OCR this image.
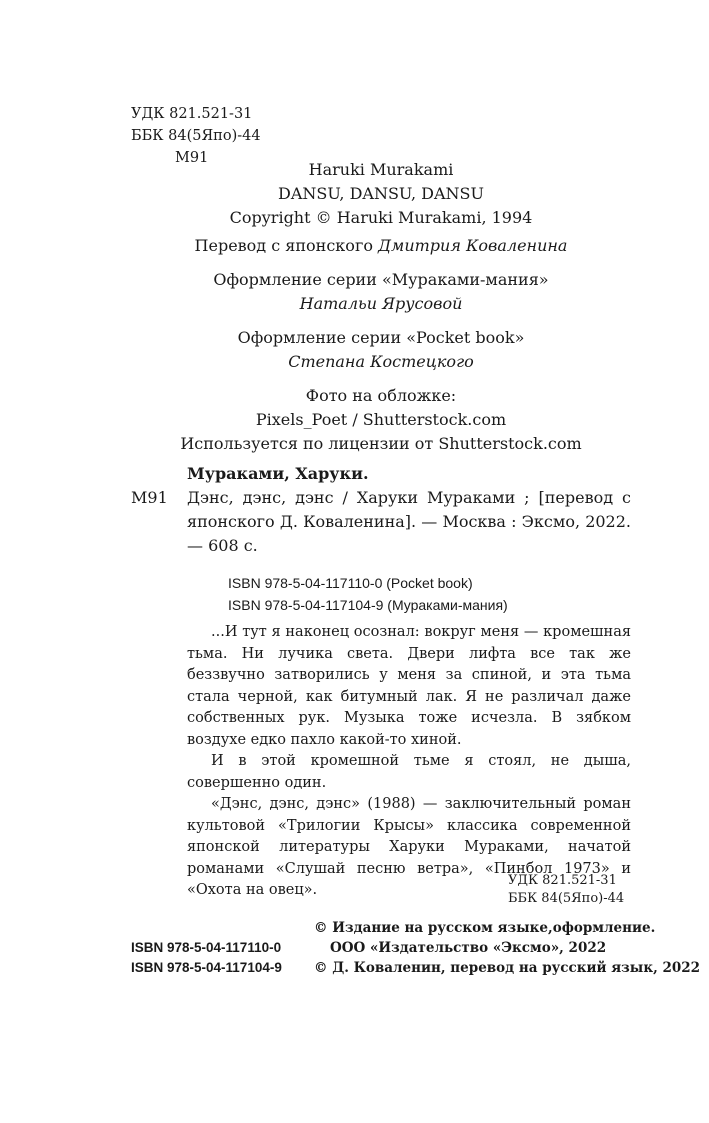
УДК 821.521-31
ББК 84(5Япо)-44
М91
Haruki Murakami
DANSU, DANSU, DANSU
Copyright © Haruki Murakami, 1994
Перевод с японского Дмитрия Коваленина
Оформление серии «Мураками-мания»
Натальи Ярусовой
Оформление серии «Pocket book»
Степана Костецкого
Фото на обложке:
Pixels_Poet / Shutterstock.com
Используется по лицензии от Shutterstock.com
Мураками, Харуки.
М91 Дэнс, дэнс, дэнс / Харуки Мураками ; [перевод с японского Д. Коваленина]. — Москва : Эксмо, 2022. — 608 с.
ISBN 978-5-04-117110-0 (Pocket book)
ISBN 978-5-04-117104-9 (Мураками-мания)

...И тут я наконец осознал: вокруг меня — кромешная тьма. Ни лучика света. Двери лифта все так же беззвучно затворились у меня за спиной, и эта тьма стала черной, как битумный лак. Я не различал даже собственных рук. Музыка тоже исчезла. В зябком воздухе едко пахло какой-то хиной.

И в этой кромешной тьме я стоял, не дыша, совершенно один.

«Дэнс, дэнс, дэнс» (1988) — заключительный роман культовой «Трилогии Крысы» классика современной японской литературы Харуки Мураками, начатой романами «Слушай песню ветра», «Пинбол 1973» и «Охота на овец».

УДК 821.521-31
ББК 84(5Япо)-44
© Издание на русском языке,оформление.
ISBN 978-5-04-117110-0	ООО «Издательство «Эксмо», 2022
ISBN 978-5-04-117104-9 © Д. Коваленин, перевод на русский язык, 2022
